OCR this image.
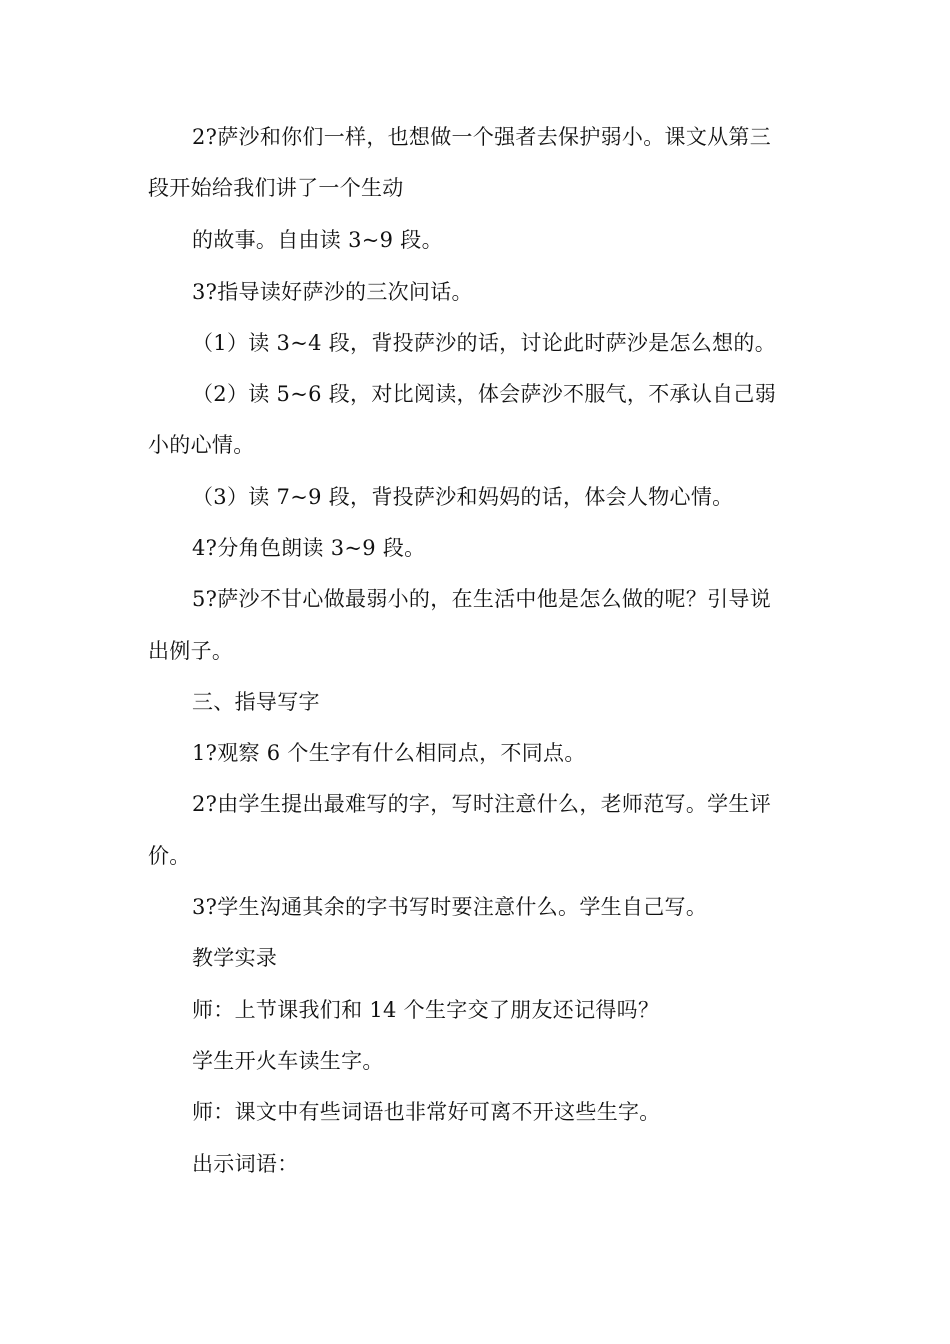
2?萨沙和你们一样，也想做一个强者去保护弱小。课文从第三
段开始给我们讲了一个生动
的故事。自由读 3~9 段。
3?指导读好萨沙的三次问话。
（1）读 3~4 段，背投萨沙的话，讨论此时萨沙是怎么想的。
（2）读 5~6 段，对比阅读，体会萨沙不服气，不承认自己弱
小的心情。
（3）读 7~9 段，背投萨沙和妈妈的话，体会人物心情。
4?分角色朗读 3~9 段。
5?萨沙不甘心做最弱小的，在生活中他是怎么做的呢？引导说
出例子。
三、指导写字
1?观察 6 个生字有什么相同点，不同点。
2?由学生提出最难写的字，写时注意什么，老师范写。学生评
价。
3?学生沟通其余的字书写时要注意什么。学生自己写。
教学实录
师：上节课我们和 14 个生字交了朋友还记得吗？
学生开火车读生字。
师：课文中有些词语也非常好可离不开这些生字。
出示词语：
